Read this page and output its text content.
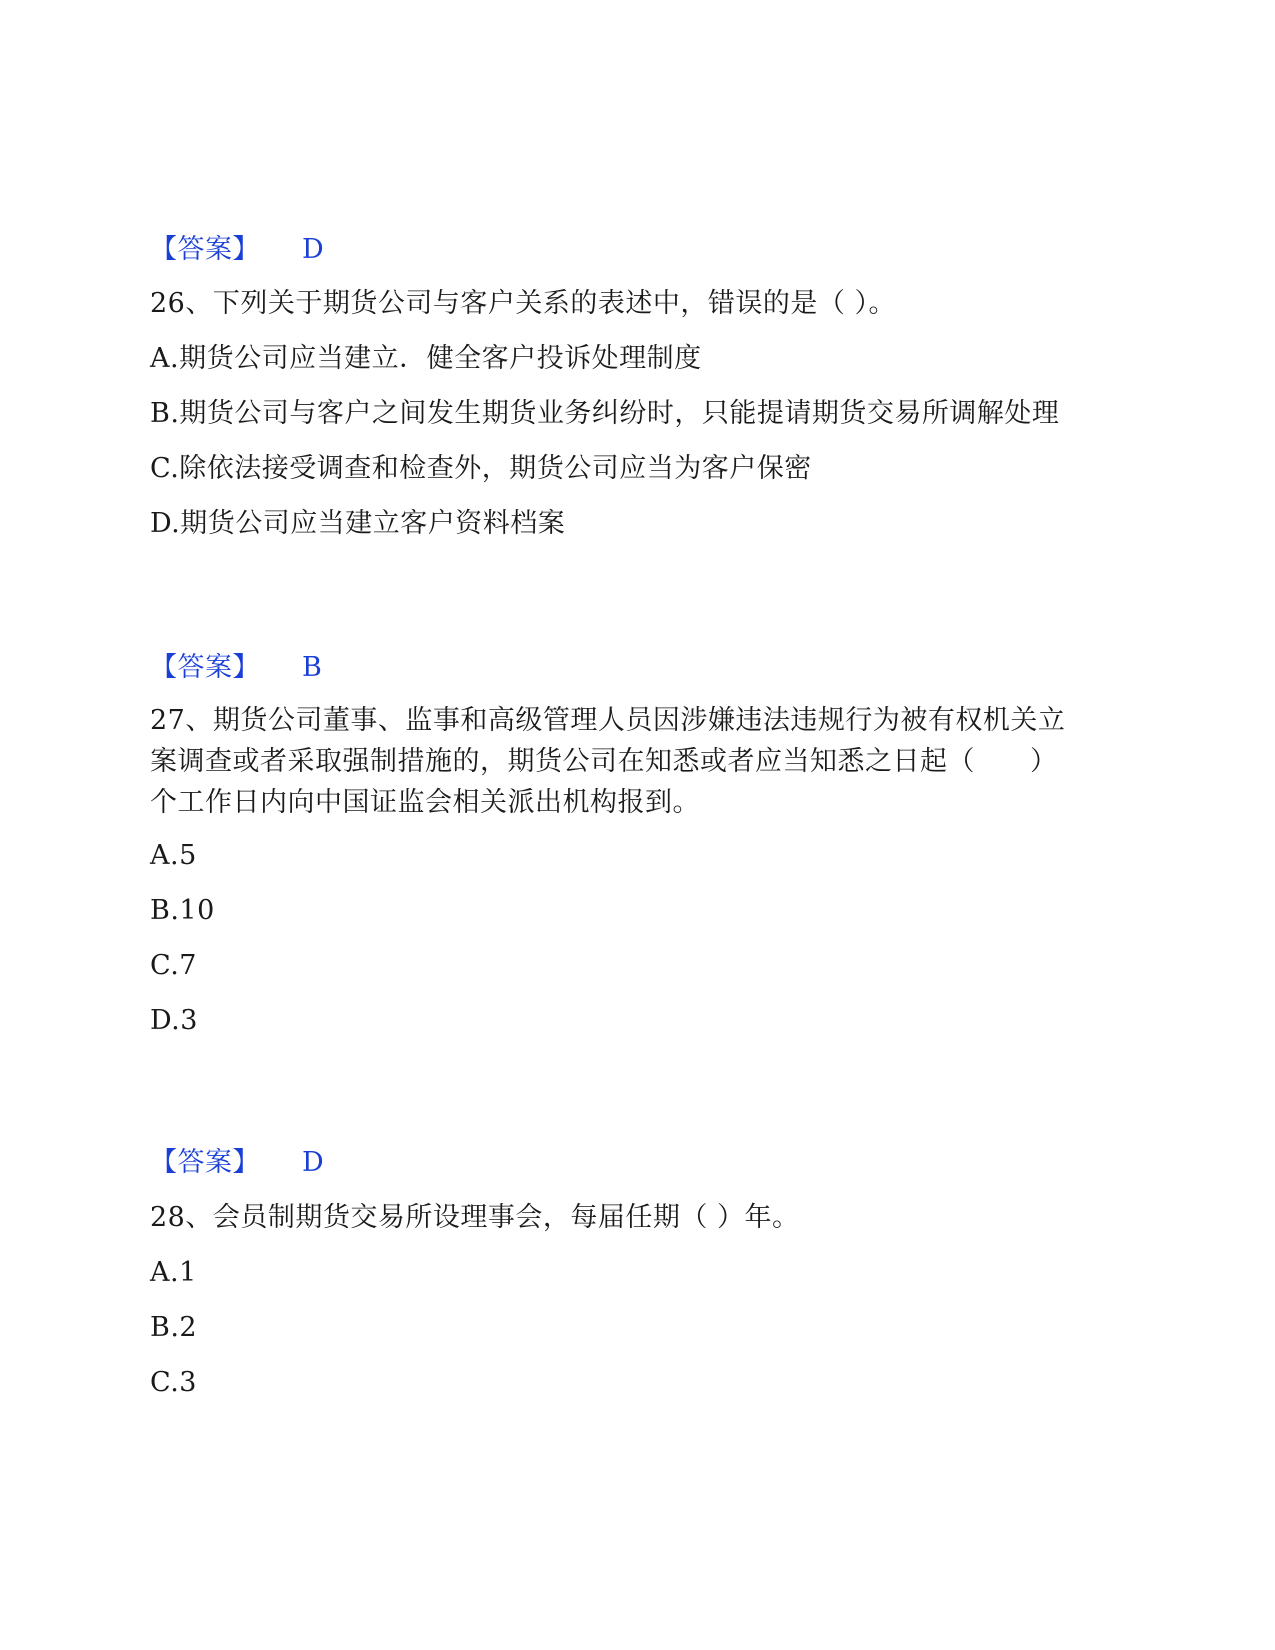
【答案】 D
26、下列关于期货公司与客户关系的表述中，错误的是（ ）。
A.期货公司应当建立．健全客户投诉处理制度
B.期货公司与客户之间发生期货业务纠纷时，只能提请期货交易所调解处理
C.除依法接受调查和检查外，期货公司应当为客户保密
D.期货公司应当建立客户资料档案
【答案】 B
27、期货公司董事、监事和高级管理人员因涉嫌违法违规行为被有权机关立
案调查或者采取强制措施的，期货公司在知悉或者应当知悉之日起（　　）
个工作日内向中国证监会相关派出机构报到。
A.5
B.10
C.7
D.3
【答案】 D
28、会员制期货交易所设理事会，每届任期（ ）年。
A.1
B.2
C.3
